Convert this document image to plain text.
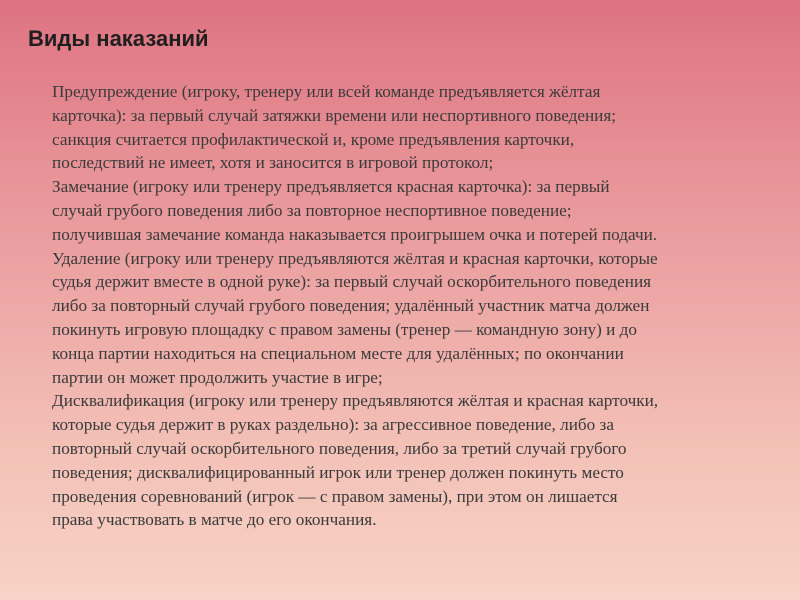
Виды наказаний
Предупреждение (игроку, тренеру или всей команде предъявляется жёлтая
карточка): за первый случай затяжки времени или неспортивного поведения;
санкция считается профилактической и, кроме предъявления карточки,
последствий не имеет, хотя и заносится в игровой протокол;
Замечание (игроку или тренеру предъявляется красная карточка): за первый
случай грубого поведения либо за повторное неспортивное поведение;
получившая замечание команда наказывается проигрышем очка и потерей подачи.
Удаление (игроку или тренеру предъявляются жёлтая и красная карточки, которые
судья держит вместе в одной руке): за первый случай оскорбительного поведения
либо за повторный случай грубого поведения; удалённый участник матча должен
покинуть игровую площадку с правом замены (тренер — командную зону) и до
конца партии находиться на специальном месте для удалённых; по окончании
партии он может продолжить участие в игре;
Дисквалификация (игроку или тренеру предъявляются жёлтая и красная карточки,
которые судья держит в руках раздельно): за агрессивное поведение, либо за
повторный случай оскорбительного поведения, либо за третий случай грубого
поведения; дисквалифицированный игрок или тренер должен покинуть место
проведения соревнований (игрок — с правом замены), при этом он лишается
права участвовать в матче до его окончания.
